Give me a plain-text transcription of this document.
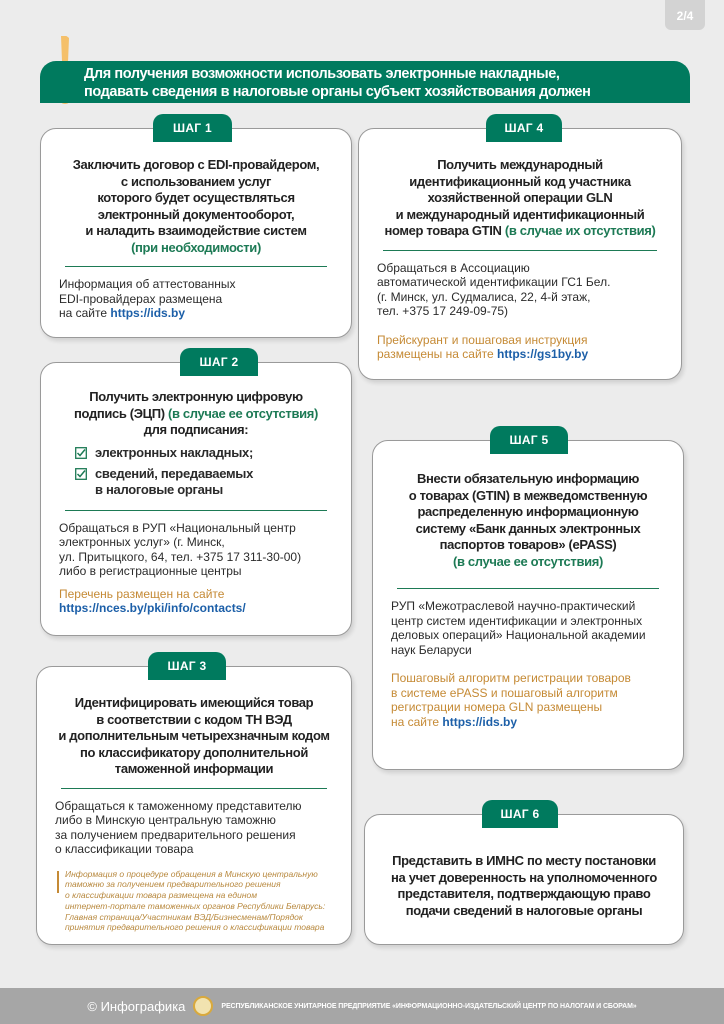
2/4
Для получения возможности использовать электронные накладные,
подавать сведения в налоговые органы субъект хозяйствования должен
ШАГ 1
Заключить договор с EDI-провайдером,
с использованием услуг
которого будет осуществляться
электронный документооборот,
и наладить взаимодействие систем
(при необходимости)
Информация об аттестованных
EDI-провайдерах размещена
на сайте https://ids.by
ШАГ 2
Получить электронную цифровую
подпись (ЭЦП) (в случае ее отсутствия)
для подписания:
электронных накладных;
сведений, передаваемых
в налоговые органы
Обращаться в РУП «Национальный центр
электронных услуг» (г. Минск,
ул. Притыцкого, 64, тел. +375 17 311-30-00)
либо в регистрационные центры
Перечень размещен на сайте
https://nces.by/pki/info/contacts/
ШАГ 3
Идентифицировать имеющийся товар
в соответствии с кодом ТН ВЭД
и дополнительным четырехзначным кодом
по классификатору дополнительной
таможенной информации
Обращаться к таможенному представителю
либо в Минскую центральную таможню
за получением предварительного решения
о классификации товара
Информация о процедуре обращения в Минскую центральную
таможню за получением предварительного решения
о классификации товара размещена на едином
интернет-портале таможенных органов Республики Беларусь:
Главная страница/Участникам ВЭД/Бизнесменам/Порядок
принятия предварительного решения о классификации товара
ШАГ 4
Получить международный
идентификационный код участника
хозяйственной операции GLN
и международный идентификационный
номер товара GTIN (в случае их отсутствия)
Обращаться в Ассоциацию
автоматической идентификации ГС1 Бел.
(г. Минск, ул. Судмалиса, 22, 4-й этаж,
тел. +375 17 249-09-75)
Прейскурант и пошаговая инструкция
размещены на сайте https://gs1by.by
ШАГ 5
Внести обязательную информацию
о товарах (GTIN) в межведомственную
распределенную информационную
систему «Банк данных электронных
паспортов товаров» (ePASS)
(в случае ее отсутствия)
РУП «Межотраслевой научно-практический
центр систем идентификации и электронных
деловых операций» Национальной академии
наук Беларуси
Пошаговый алгоритм регистрации товаров
в системе ePASS и пошаговый алгоритм
регистрации номера GLN размещены
на сайте https://ids.by
ШАГ 6
Представить в ИМНС по месту постановки
на учет доверенность на уполномоченного
представителя, подтверждающую право
подачи сведений в налоговые органы
© Инфографика	РЕСПУБЛИКАНСКОЕ УНИТАРНОЕ ПРЕДПРИЯТИЕ «ИНФОРМАЦИОННО-ИЗДАТЕЛЬСКИЙ ЦЕНТР ПО НАЛОГАМ И СБОРАМ»
